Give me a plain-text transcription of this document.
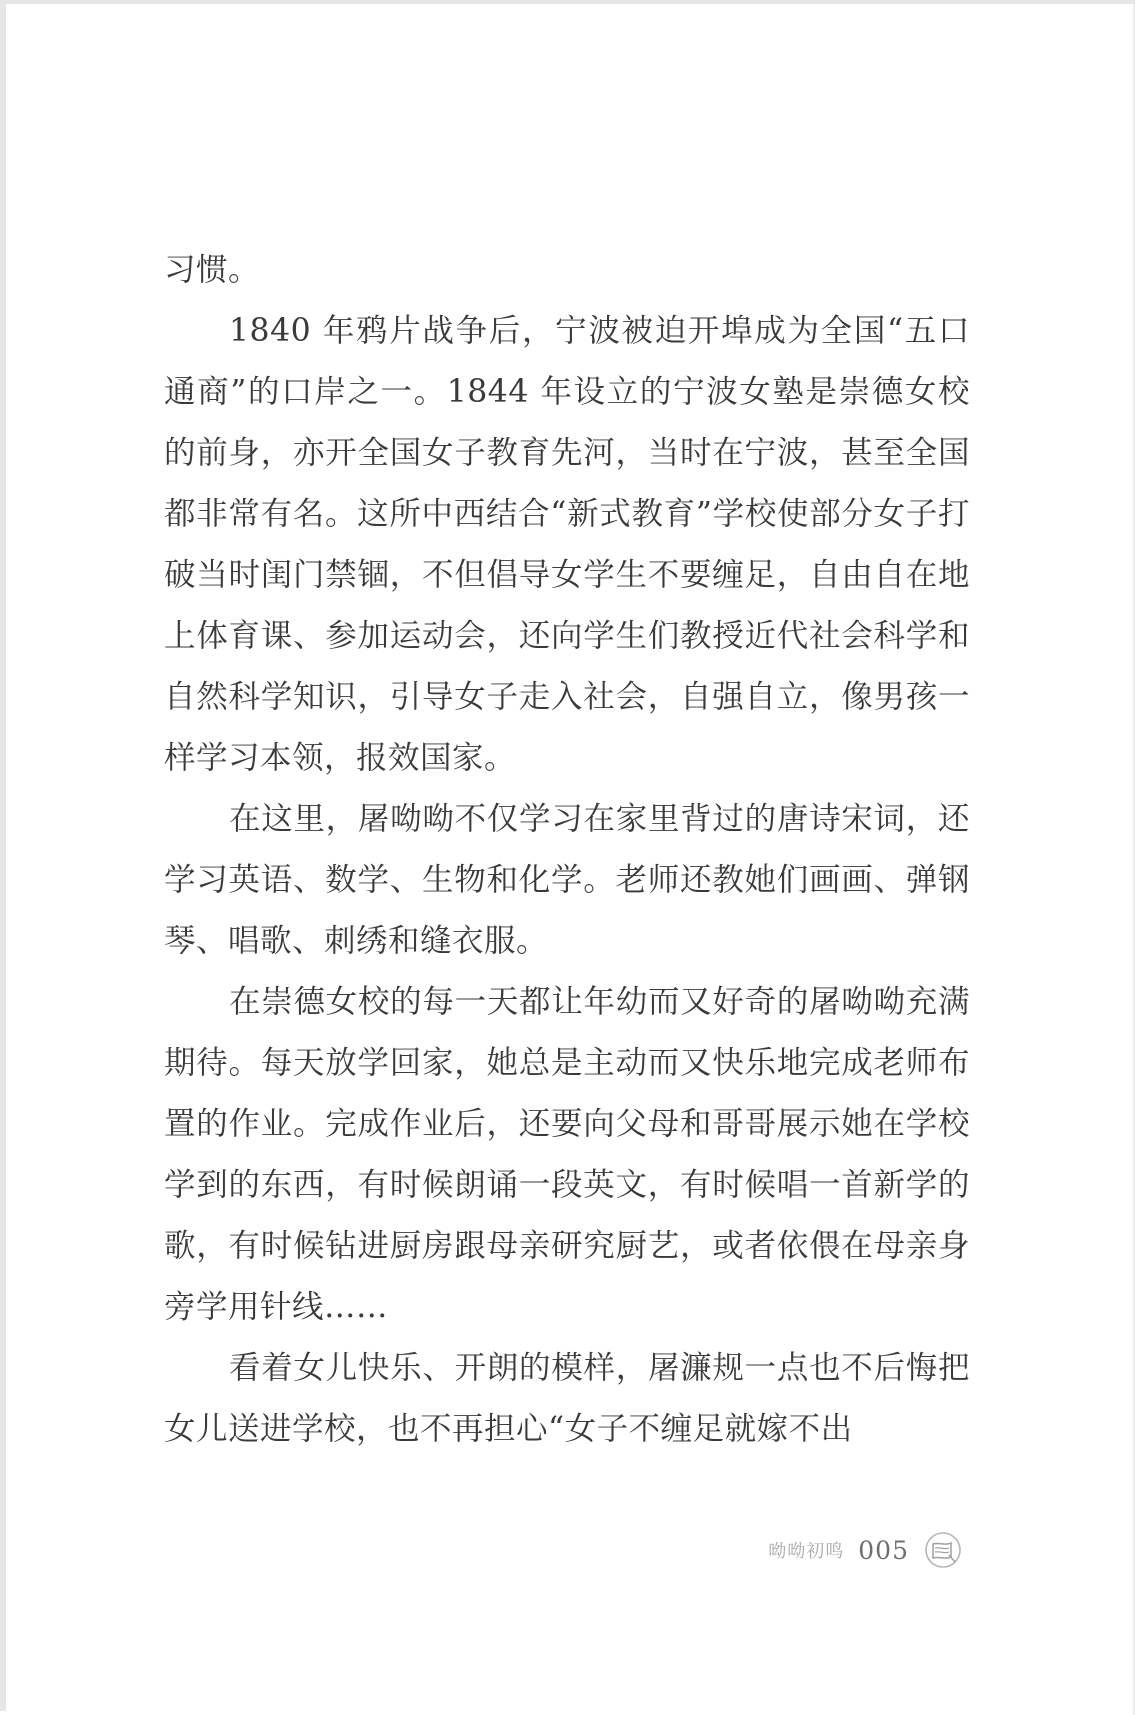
习惯。

1840 年鸦片战争后，宁波被迫开埠成为全国“五口通商”的口岸之一。1844 年设立的宁波女塾是崇德女校的前身，亦开全国女子教育先河，当时在宁波，甚至全国都非常有名。这所中西结合“新式教育”学校使部分女子打破当时闺门禁锢，不但倡导女学生不要缠足，自由自在地上体育课、参加运动会，还向学生们教授近代社会科学和自然科学知识，引导女子走入社会，自强自立，像男孩一样学习本领，报效国家。

在这里，屠呦呦不仅学习在家里背过的唐诗宋词，还学习英语、数学、生物和化学。老师还教她们画画、弹钢琴、唱歌、刺绣和缝衣服。

在崇德女校的每一天都让年幼而又好奇的屠呦呦充满期待。每天放学回家，她总是主动而又快乐地完成老师布置的作业。完成作业后，还要向父母和哥哥展示她在学校学到的东西，有时候朗诵一段英文，有时候唱一首新学的歌，有时候钻进厨房跟母亲研究厨艺，或者依偎在母亲身旁学用针线……

看着女儿快乐、开朗的模样，屠濂规一点也不后悔把女儿送进学校，也不再担心“女子不缠足就嫁不出

呦呦初鸣 005
